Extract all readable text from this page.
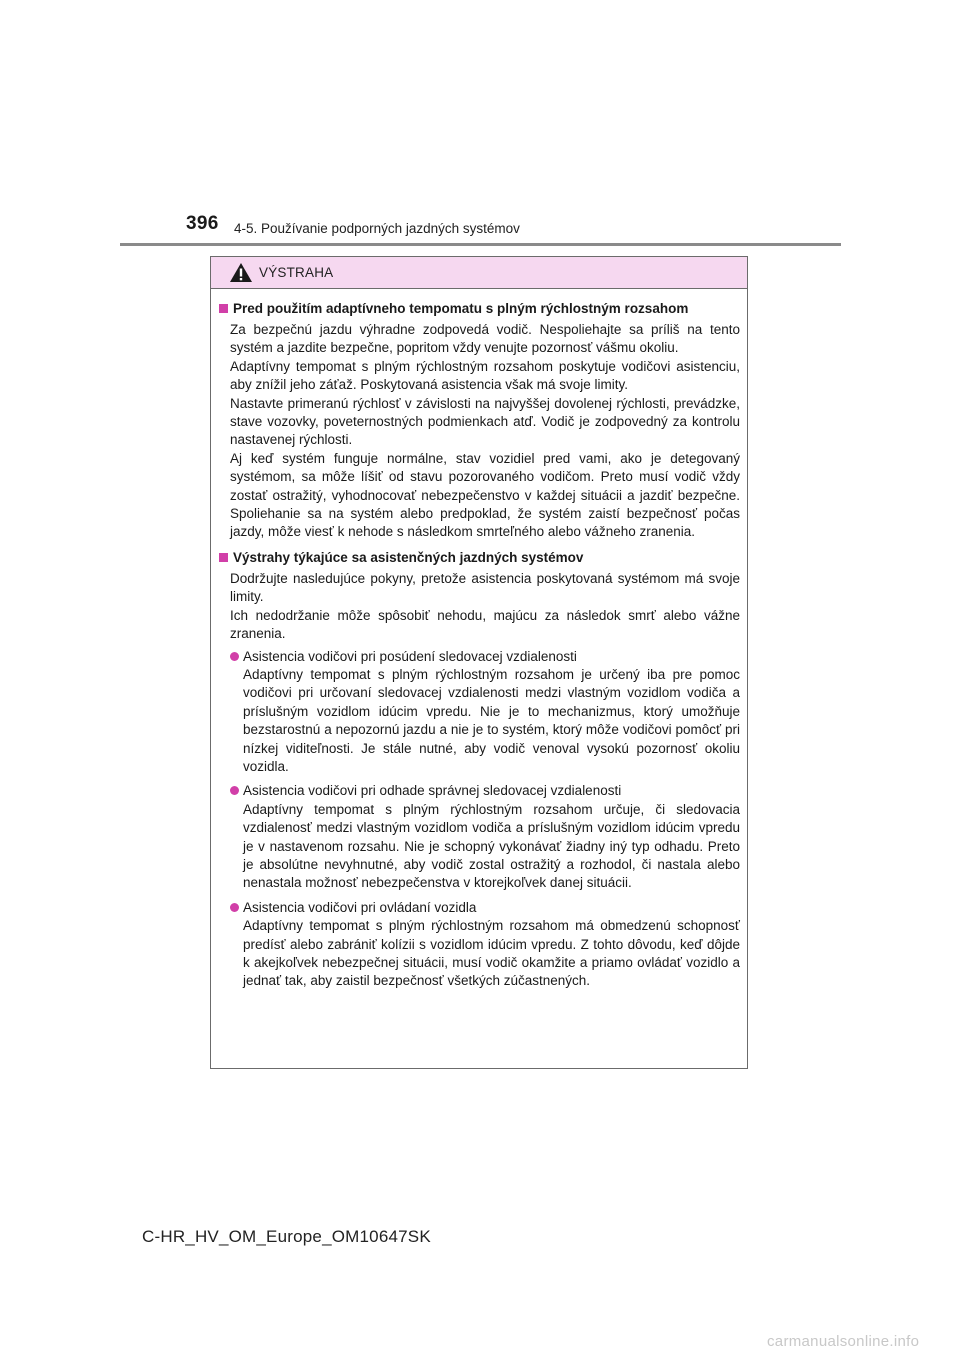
396 4-5. Používanie podporných jazdných systémov
VÝSTRAHA
Pred použitím adaptívneho tempomatu s plným rýchlostným rozsahom

Za bezpečnú jazdu výhradne zodpovedá vodič. Nespoliehajte sa príliš na tento systém a jazdite bezpečne, popritom vždy venujte pozornosť vášmu okoliu.

Adaptívny tempomat s plným rýchlostným rozsahom poskytuje vodičovi asistenciu, aby znížil jeho záťaž. Poskytovaná asistencia však má svoje limity.

Nastavte primeranú rýchlosť v závislosti na najvyššej dovolenej rýchlosti, prevádzke, stave vozovky, poveternostných podmienkach atď. Vodič je zodpovedný za kontrolu nastavenej rýchlosti.

Aj keď systém funguje normálne, stav vozidiel pred vami, ako je detegovaný systémom, sa môže líšiť od stavu pozorovaného vodičom. Preto musí vodič vždy zostať ostražitý, vyhodnocovať nebezpečenstvo v každej situácii a jazdiť bezpečne. Spoliehanie sa na systém alebo predpoklad, že systém zaistí bezpečnosť počas jazdy, môže viesť k nehode s následkom smrteľného alebo vážneho zranenia.

Výstrahy týkajúce sa asistenčných jazdných systémov

Dodržujte nasledujúce pokyny, pretože asistencia poskytovaná systémom má svoje limity.

Ich nedodržanie môže spôsobiť nehodu, majúcu za následok smrť alebo vážne zranenia.

Asistencia vodičovi pri posúdení sledovacej vzdialenosti
Adaptívny tempomat s plným rýchlostným rozsahom je určený iba pre pomoc vodičovi pri určovaní sledovacej vzdialenosti medzi vlastným vozidlom vodiča a príslušným vozidlom idúcim vpredu. Nie je to mechanizmus, ktorý umožňuje bezstarostnú a nepozornú jazdu a nie je to systém, ktorý môže vodičovi pomôcť pri nízkej viditeľnosti. Je stále nutné, aby vodič venoval vysokú pozornosť okoliu vozidla.
Asistencia vodičovi pri odhade správnej sledovacej vzdialenosti
Adaptívny tempomat s plným rýchlostným rozsahom určuje, či sledovacia vzdialenosť medzi vlastným vozidlom vodiča a príslušným vozidlom idúcim vpredu je v nastavenom rozsahu. Nie je schopný vykonávať žiadny iný typ odhadu. Preto je absolútne nevyhnutné, aby vodič zostal ostražitý a rozhodol, či nastala alebo nenastala možnosť nebezpečenstva v ktorejkoľvek danej situácii.
Asistencia vodičovi pri ovládaní vozidla
Adaptívny tempomat s plným rýchlostným rozsahom má obmedzenú schopnosť predísť alebo zabrániť kolízii s vozidlom idúcim vpredu. Z tohto dôvodu, keď dôjde k akejkoľvek nebezpečnej situácii, musí vodič okamžite a priamo ovládať vozidlo a jednať tak, aby zaistil bezpečnosť všetkých zúčastnených.
C-HR_HV_OM_Europe_OM10647SK
carmanualsonline.info
